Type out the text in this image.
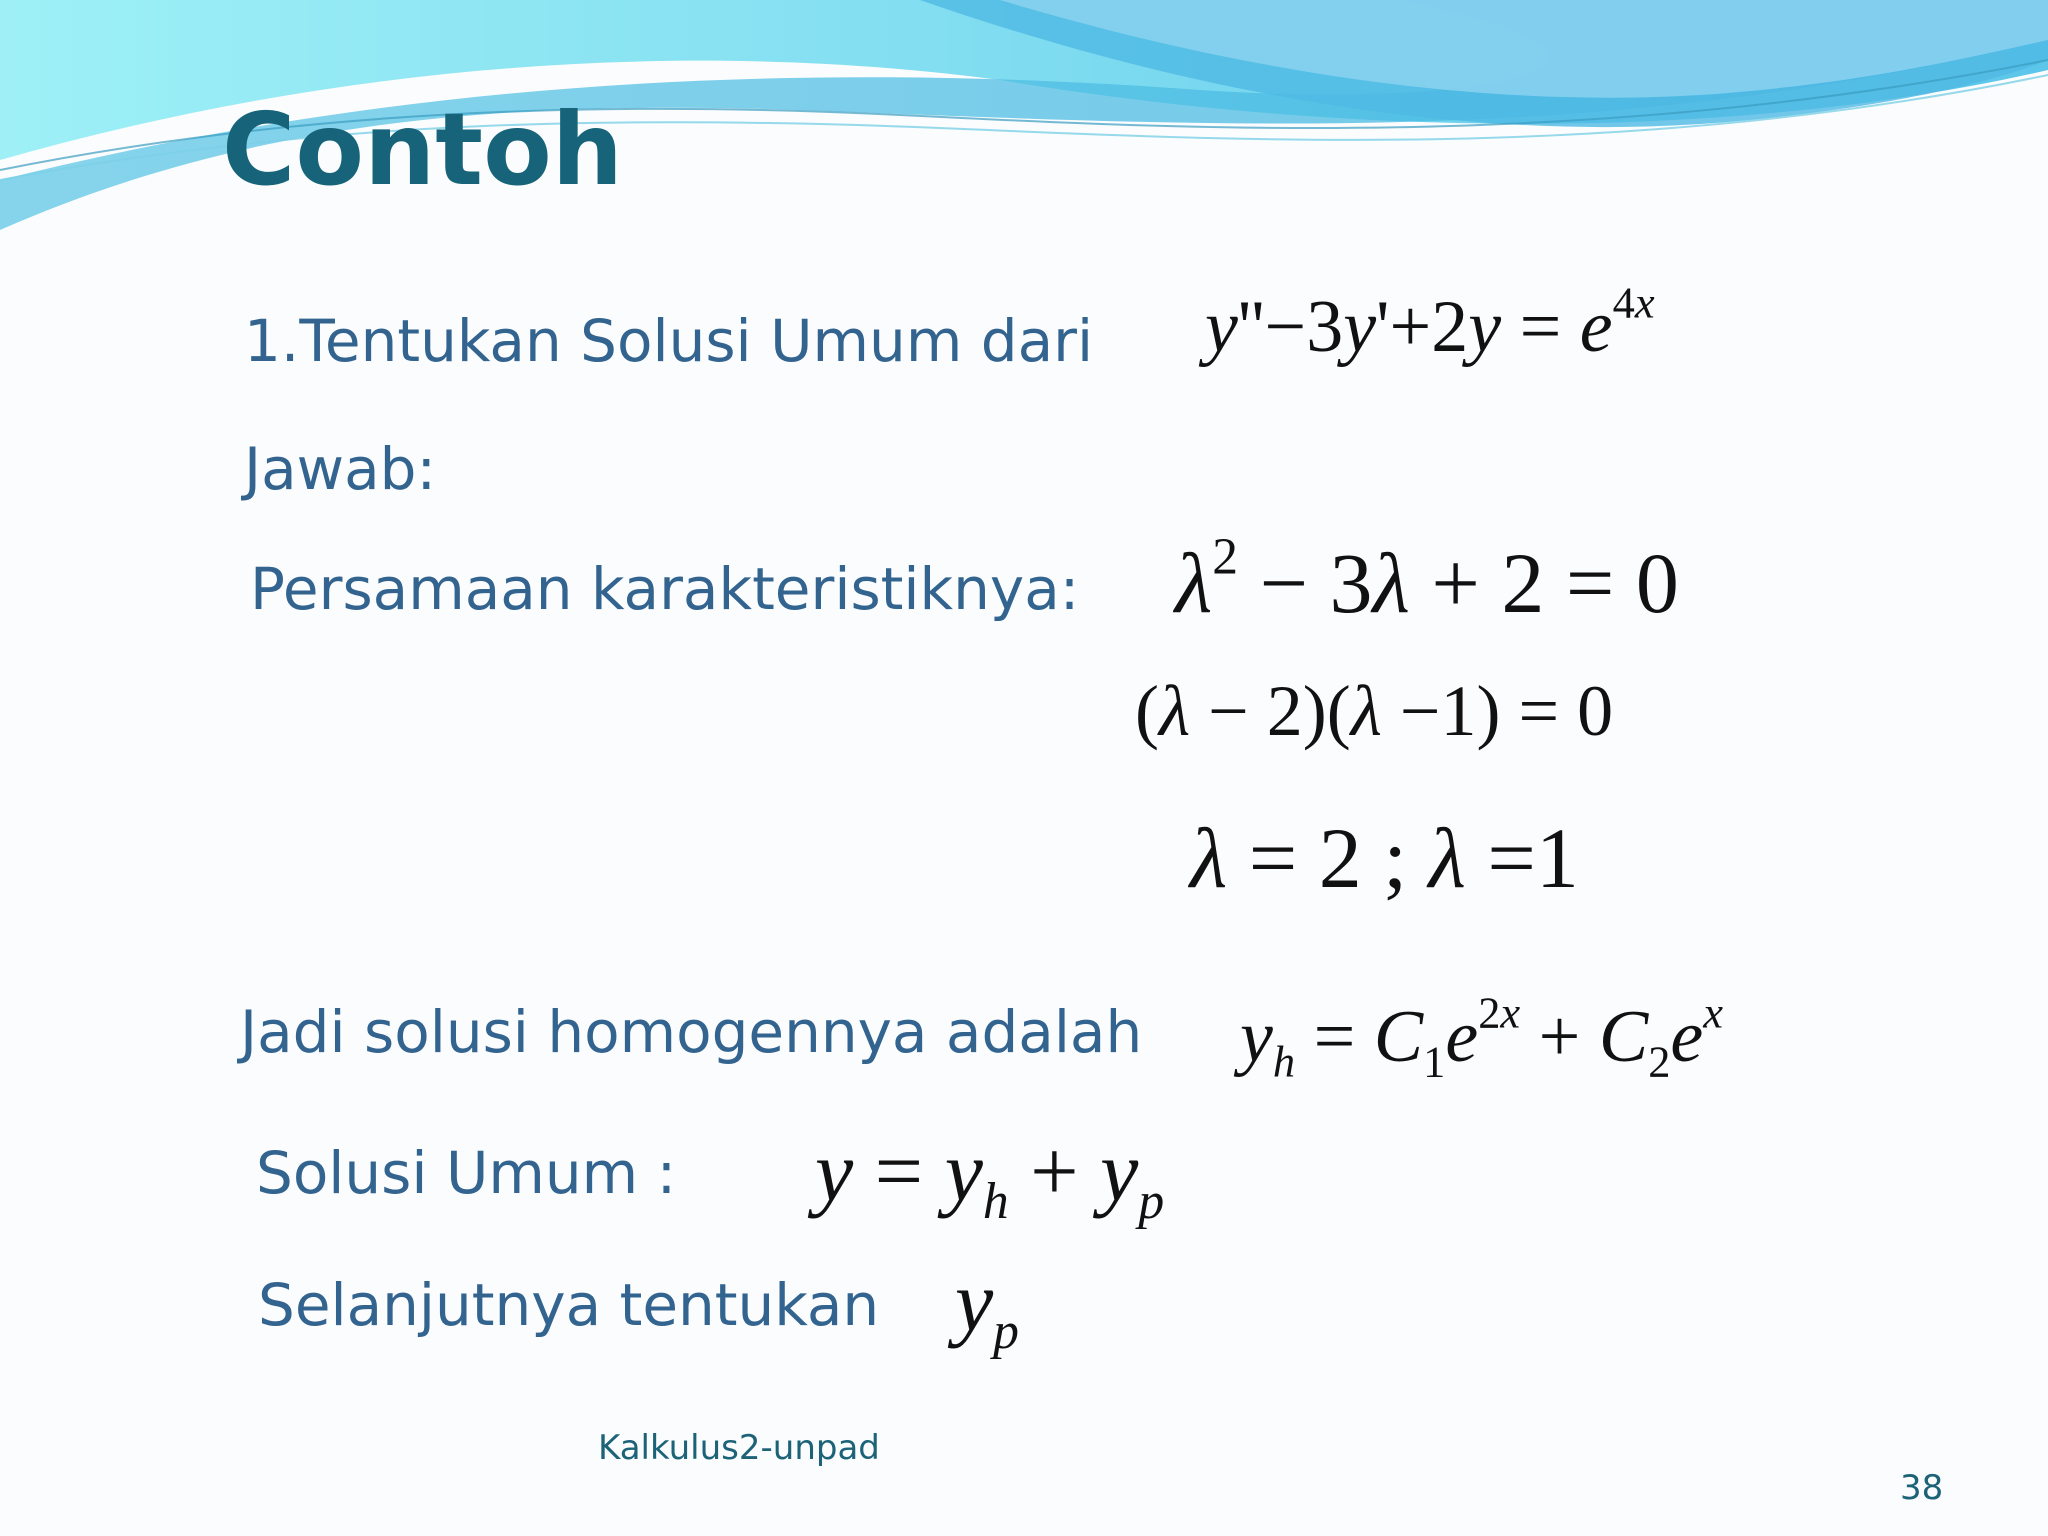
Contoh
1.Tentukan Solusi Umum dari $y''-3y'+2y = e^{4x}$
Jawab:
Persamaan karakteristiknya: $\lambda^2 - 3\lambda + 2 = 0$
(λ − 2)(λ −1) = 0
λ = 2 ; λ =1
Jadi solusi homogennya adalah $y_h = C_1e^{2x} + C_2e^x$
Solusi Umum : $y = y_h + y_p$
Selanjutnya tentukan $y_p$
Kalkulus2-unpad
38
